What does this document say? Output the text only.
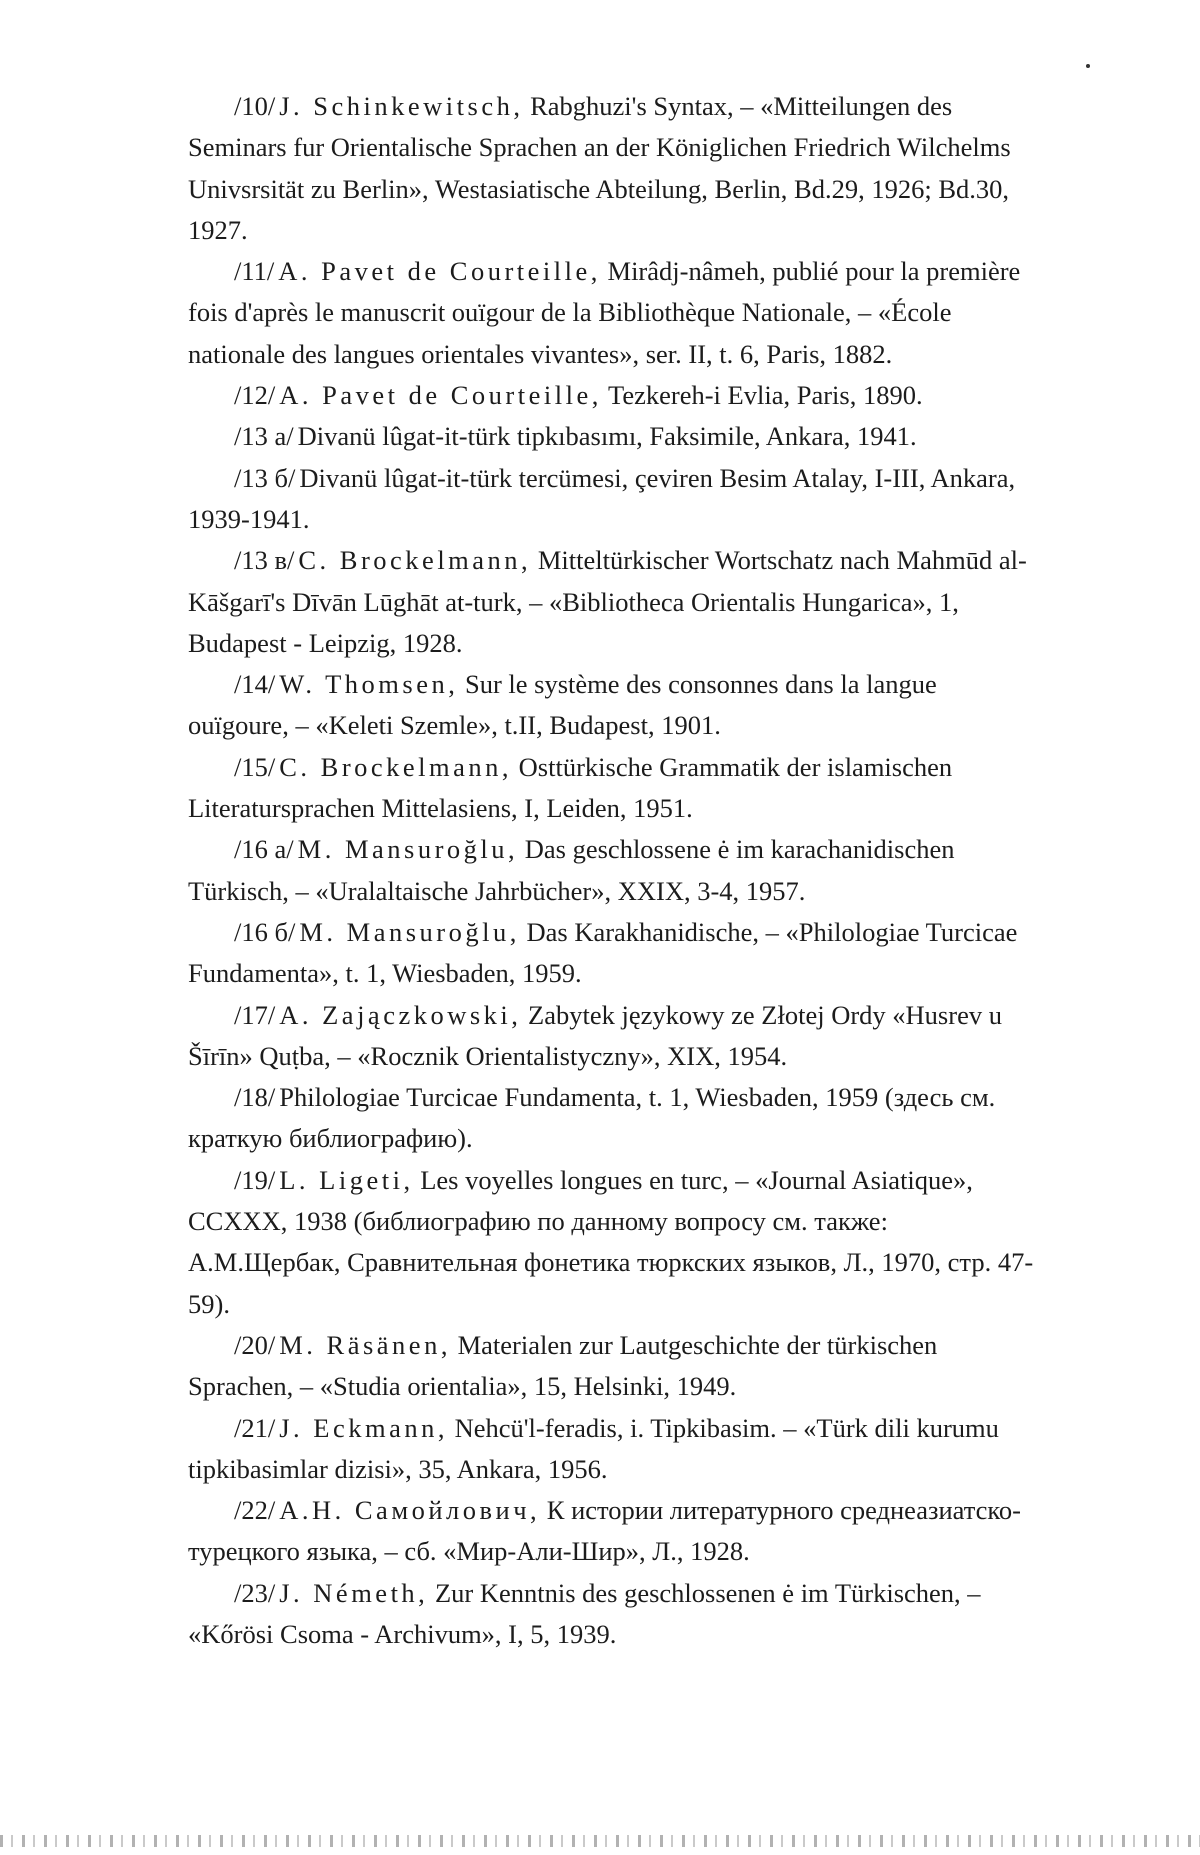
/10/ J. Schinkewitsch, Rabghuzi's Syntax, – «Mitteilungen des Seminars fur Orientalische Sprachen an der Königlichen Friedrich Wilchelms Univsrsität zu Berlin», Westasiatische Abteilung, Berlin, Bd.29, 1926; Bd.30, 1927.

/11/ A. Pavet de Courteille, Mirâdj-nâmeh, publié pour la première fois d'après le manuscrit ouïgour de la Bibliothèque Nationale, – «École nationale des langues orientales vivantes», ser. II, t. 6, Paris, 1882.

/12/ A. Pavet de Courteille, Tezkereh-i Evlia, Paris, 1890.

/13 a/ Divanü lûgat-it-türk tipkıbasımı, Faksimile, Ankara, 1941.

/13 б/ Divanü lûgat-it-türk tercümesi, çeviren Besim Atalay, I-III, Ankara, 1939-1941.

/13 в/ C. Brockelmann, Mitteltürkischer Wortschatz nach Mahmūd al-Kāšgarī's Dīvān Lūghāt at-turk, – «Bibliotheca Orientalis Hungarica», 1, Budapest - Leipzig, 1928.

/14/ W. Thomsen, Sur le système des consonnes dans la langue ouïgoure, – «Keleti Szemle», t.II, Budapest, 1901.

/15/ C. Brockelmann, Osttürkische Grammatik der islamischen Literatursprachen Mittelasiens, I, Leiden, 1951.

/16 a/ M. Mansuroğlu, Das geschlossene ė im karachanidischen Türkisch, – «Uralaltaische Jahrbücher», XXIX, 3-4, 1957.

/16 б/ M. Mansuroğlu, Das Karakhanidische, – «Philologiae Turcicae Fundamenta», t. 1, Wiesbaden, 1959.

/17/ A. Zajączkowski, Zabytek językowy ze Złotej Ordy «Husrev u Šīrīn» Quṭba, – «Rocznik Orientalistyczny», XIX, 1954.

/18/ Philologiae Turcicae Fundamenta, t. 1, Wiesbaden, 1959 (здесь см. краткую библиографию).

/19/ L. Ligeti, Les voyelles longues en turc, – «Journal Asiatique», CCXXX, 1938 (библиографию по данному вопросу см. также: А.М.Щербак, Сравнительная фонетика тюркских языков, Л., 1970, стр. 47-59).

/20/ M. Räsänen, Materialen zur Lautgeschichte der türkischen Sprachen, – «Studia orientalia», 15, Helsinki, 1949.

/21/ J. Eckmann, Nehcü'l-feradis, i. Tipkibasim. – «Türk dili kurumu tipkibasimlar dizisi», 35, Ankara, 1956.

/22/ А.Н. Самойлович, К истории литературного среднеазиатско-турецкого языка, – сб. «Мир-Али-Шир», Л., 1928.

/23/ J. Németh, Zur Kenntnis des geschlossenen ė im Türkischen, – «Kőrösi Csoma - Archivum», I, 5, 1939.
